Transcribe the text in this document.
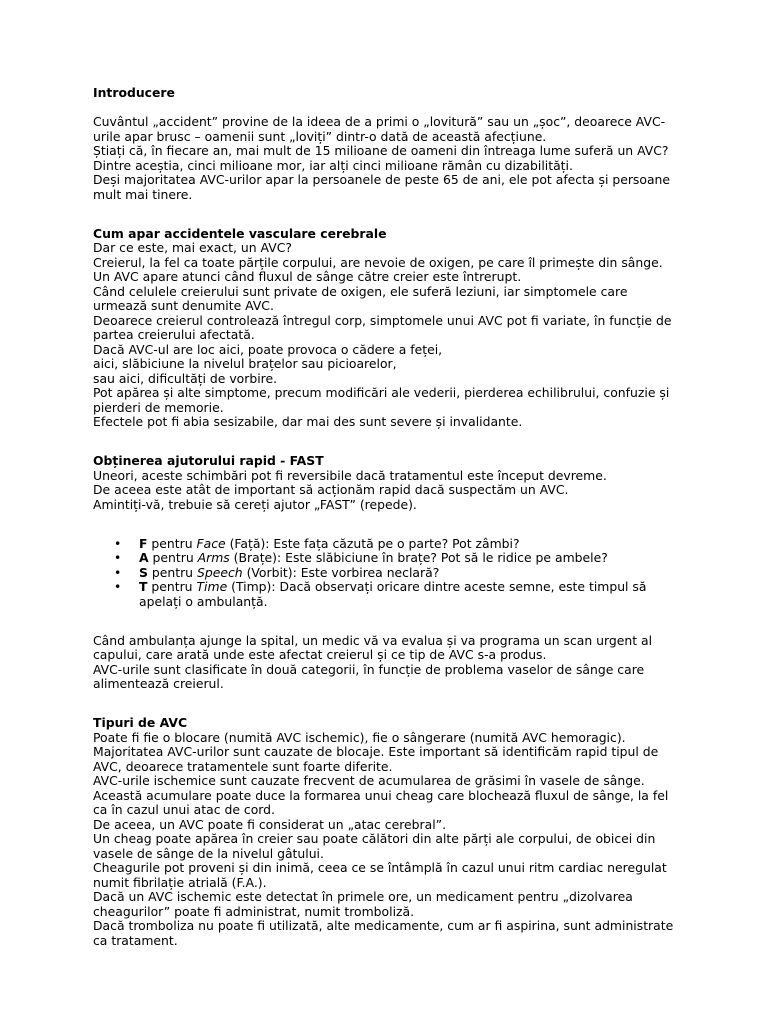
Introducere
Cuvântul „accident” provine de la ideea de a primi o „lovitură” sau un „șoc”, deoarece AVC-urile apar brusc – oamenii sunt „loviți” dintr-o dată de această afecțiune.
Știați că, în fiecare an, mai mult de 15 milioane de oameni din întreaga lume suferă un AVC?
Dintre aceștia, cinci milioane mor, iar alți cinci milioane rămân cu dizabilități.
Deși majoritatea AVC-urilor apar la persoanele de peste 65 de ani, ele pot afecta și persoane mult mai tinere.
Cum apar accidentele vasculare cerebrale
Dar ce este, mai exact, un AVC?
Creierul, la fel ca toate părțile corpului, are nevoie de oxigen, pe care îl primește din sânge.
Un AVC apare atunci când fluxul de sânge către creier este întrerupt.
Când celulele creierului sunt private de oxigen, ele suferă leziuni, iar simptomele care urmează sunt denumite AVC.
Deoarece creierul controlează întregul corp, simptomele unui AVC pot fi variate, în funcție de partea creierului afectată.
Dacă AVC-ul are loc aici, poate provoca o cădere a feței,
aici, slăbiciune la nivelul brațelor sau picioarelor,
sau aici, dificultăți de vorbire.
Pot apărea și alte simptome, precum modificări ale vederii, pierderea echilibrului, confuzie și pierderi de memorie.
Efectele pot fi abia sesizabile, dar mai des sunt severe și invalidante.
Obținerea ajutorului rapid - FAST
Uneori, aceste schimbări pot fi reversibile dacă tratamentul este început devreme.
De aceea este atât de important să acționăm rapid dacă suspectăm un AVC.
Amintiți-vă, trebuie să cereți ajutor „FAST” (repede).
• F pentru Face (Față): Este fața căzută pe o parte? Pot zâmbi?
• A pentru Arms (Brațe): Este slăbiciune în brațe? Pot să le ridice pe ambele?
• S pentru Speech (Vorbit): Este vorbirea neclară?
• T pentru Time (Timp): Dacă observați oricare dintre aceste semne, este timpul să apelați o ambulanță.
Când ambulanța ajunge la spital, un medic vă va evalua și va programa un scan urgent al capului, care arată unde este afectat creierul și ce tip de AVC s-a produs.
AVC-urile sunt clasificate în două categorii, în funcție de problema vaselor de sânge care alimentează creierul.
Tipuri de AVC
Poate fi fie o blocare (numită AVC ischemic), fie o sângerare (numită AVC hemoragic).
Majoritatea AVC-urilor sunt cauzate de blocaje. Este important să identificăm rapid tipul de AVC, deoarece tratamentele sunt foarte diferite.
AVC-urile ischemice sunt cauzate frecvent de acumularea de grăsimi în vasele de sânge.
Această acumulare poate duce la formarea unui cheag care blochează fluxul de sânge, la fel ca în cazul unui atac de cord.
De aceea, un AVC poate fi considerat un „atac cerebral”.
Un cheag poate apărea în creier sau poate călători din alte părți ale corpului, de obicei din vasele de sânge de la nivelul gâtului.
Cheagurile pot proveni și din inimă, ceea ce se întâmplă în cazul unui ritm cardiac neregulat numit fibrilație atrială (F.A.).
Dacă un AVC ischemic este detectat în primele ore, un medicament pentru „dizolvarea cheagurilor” poate fi administrat, numit tromboliză.
Dacă tromboliza nu poate fi utilizată, alte medicamente, cum ar fi aspirina, sunt administrate ca tratament.
